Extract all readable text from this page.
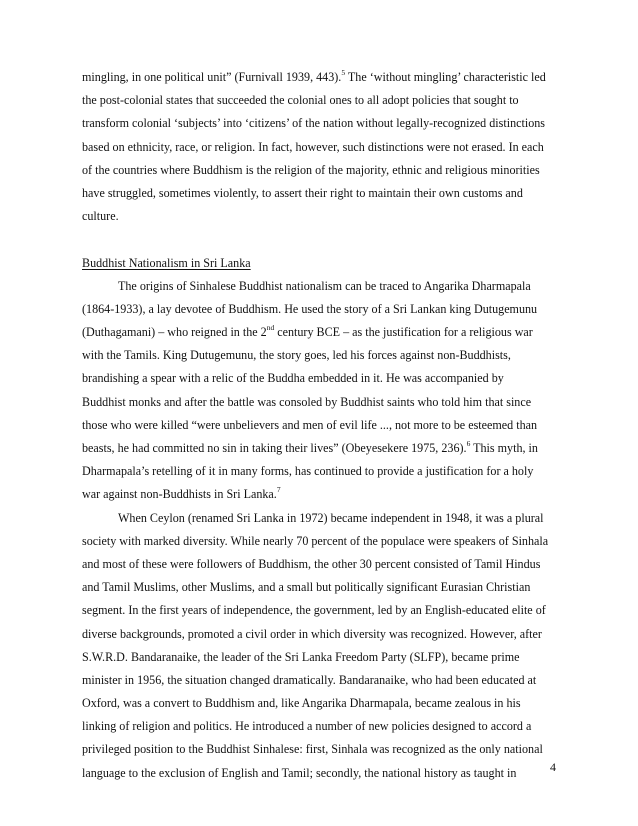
mingling, in one political unit” (Furnivall 1939, 443).$^5$ The ‘without mingling’ characteristic led
the post-colonial states that succeeded the colonial ones to all adopt policies that sought to
transform colonial ‘subjects’ into ‘citizens’ of the nation without legally-recognized distinctions
based on ethnicity, race, or religion. In fact, however, such distinctions were not erased. In each
of the countries where Buddhism is the religion of the majority, ethnic and religious minorities
have struggled, sometimes violently, to assert their right to maintain their own customs and
culture.
Buddhist Nationalism in Sri Lanka
The origins of Sinhalese Buddhist nationalism can be traced to Angarika Dharmapala
(1864-1933), a lay devotee of Buddhism. He used the story of a Sri Lankan king Dutugemunu
(Duthagamani) – who reigned in the 2nd century BCE – as the justification for a religious war
with the Tamils. King Dutugemunu, the story goes, led his forces against non-Buddhists,
brandishing a spear with a relic of the Buddha embedded in it. He was accompanied by
Buddhist monks and after the battle was consoled by Buddhist saints who told him that since
those who were killed “were unbelievers and men of evil life ..., not more to be esteemed than
beasts, he had committed no sin in taking their lives” (Obeyesekere 1975, 236).$^6$ This myth, in
Dharmapala’s retelling of it in many forms, has continued to provide a justification for a holy
war against non-Buddhists in Sri Lanka.$^7$
When Ceylon (renamed Sri Lanka in 1972) became independent in 1948, it was a plural
society with marked diversity. While nearly 70 percent of the populace were speakers of Sinhala
and most of these were followers of Buddhism, the other 30 percent consisted of Tamil Hindus
and Tamil Muslims, other Muslims, and a small but politically significant Eurasian Christian
segment. In the first years of independence, the government, led by an English-educated elite of
diverse backgrounds, promoted a civil order in which diversity was recognized. However, after
S.W.R.D. Bandaranaike, the leader of the Sri Lanka Freedom Party (SLFP), became prime
minister in 1956, the situation changed dramatically. Bandaranaike, who had been educated at
Oxford, was a convert to Buddhism and, like Angarika Dharmapala, became zealous in his
linking of religion and politics. He introduced a number of new policies designed to accord a
privileged position to the Buddhist Sinhalese: first, Sinhala was recognized as the only national
language to the exclusion of English and Tamil; secondly, the national history as taught in	4
